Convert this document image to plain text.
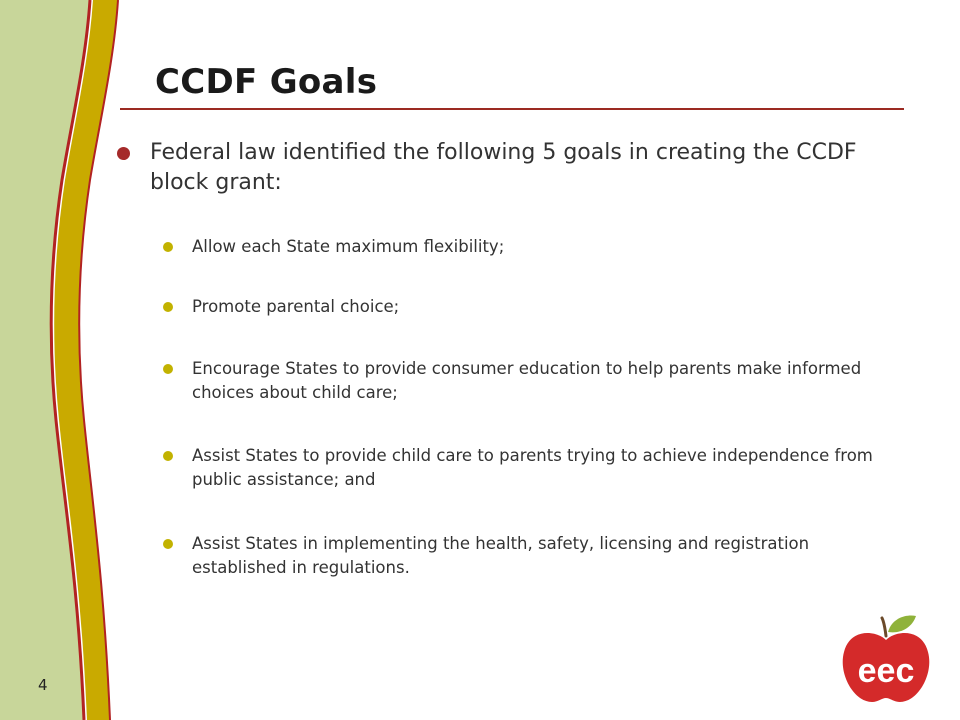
CCDF Goals

Federal law identified the following 5 goals in creating the CCDF block grant:

Allow each State maximum flexibility;

Promote parental choice;

Encourage States to provide consumer education to help parents make informed choices about child care;

Assist States to provide child care to parents trying to achieve independence from public assistance; and

Assist States in implementing the health, safety, licensing and registration established in regulations.

4	eec
